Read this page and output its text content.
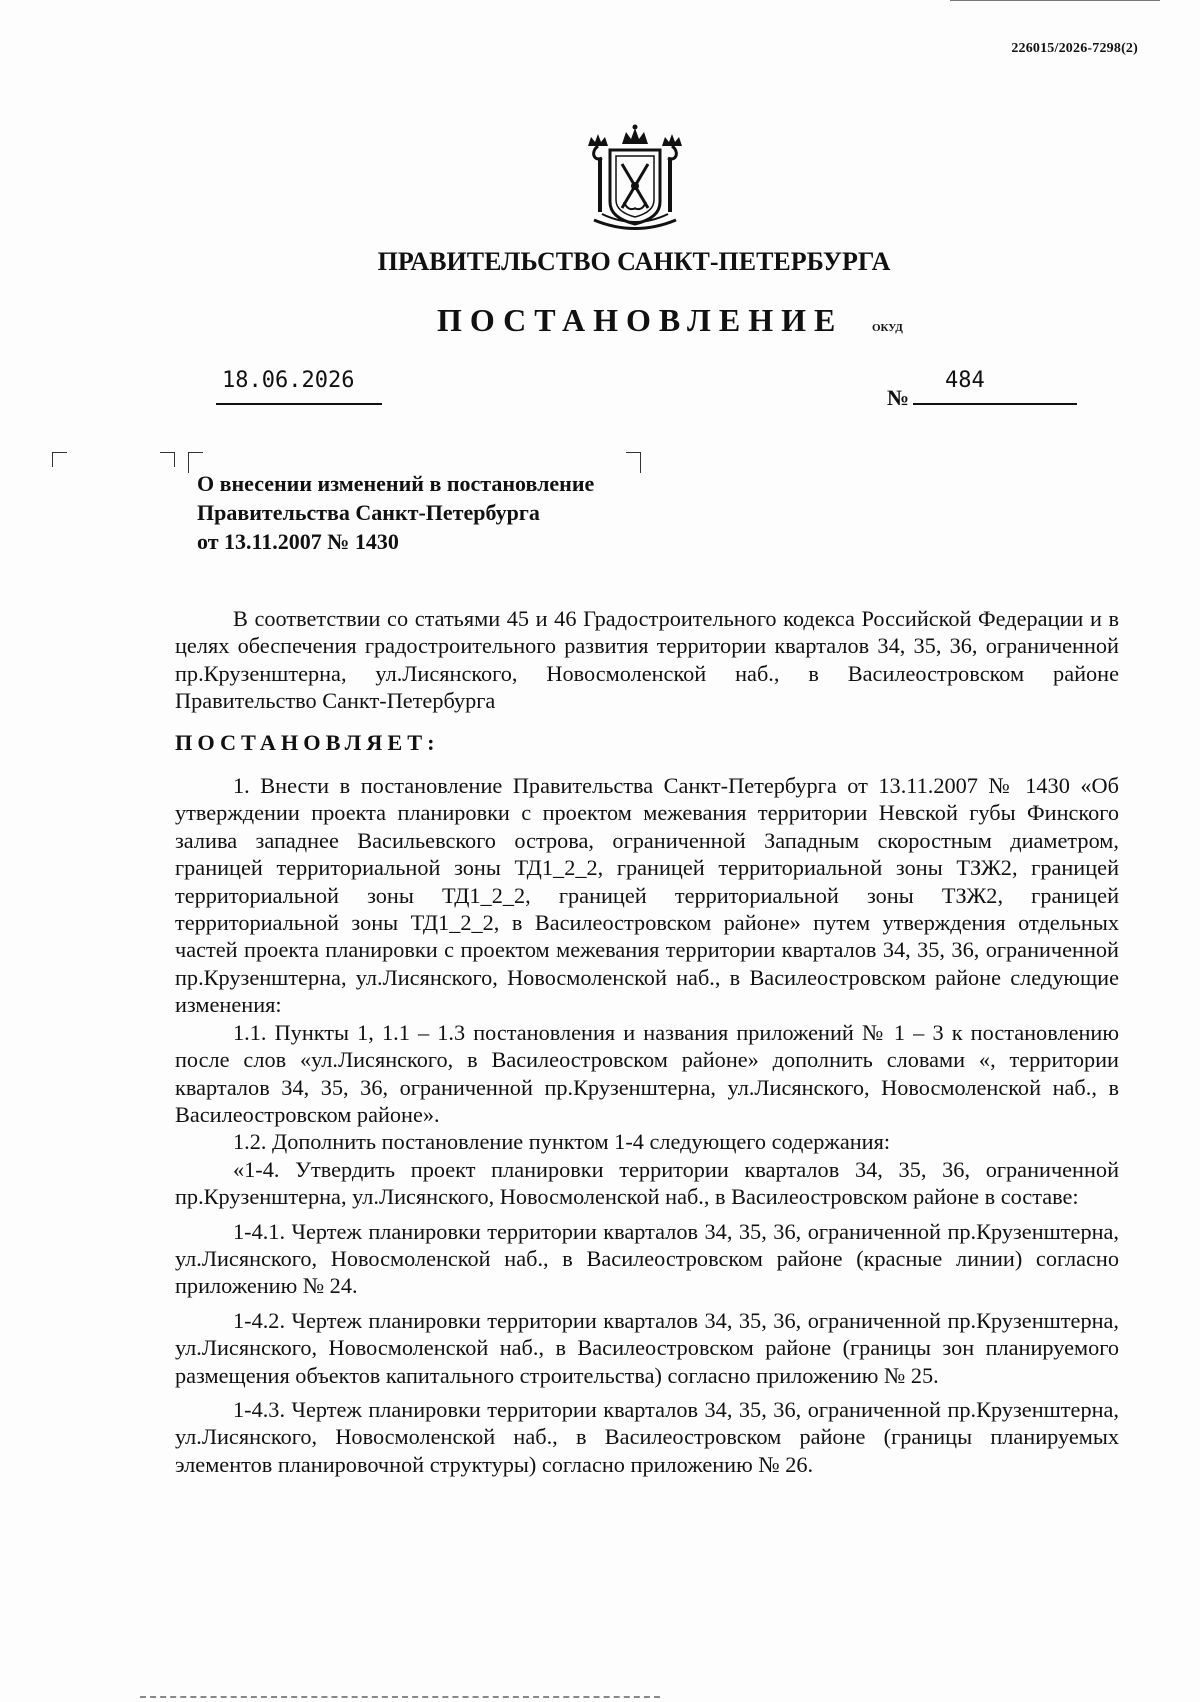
226015/2026-7298(2)
ПРАВИТЕЛЬСТВО САНКТ-ПЕТЕРБУРГА
ПОСТАНОВЛЕНИЕ	ОКУД
18.06.2026
№
484
О внесении изменений в постановление
Правительства Санкт-Петербурга
от 13.11.2007 № 1430

В соответствии со статьями 45 и 46 Градостроительного кодекса Российской Федерации и в целях обеспечения градостроительного развития территории кварталов 34, 35, 36, ограниченной пр.Крузенштерна, ул.Лисянского, Новосмоленской наб., в Василеостровском районе Правительство Санкт-Петербурга

ПОСТАНОВЛЯЕТ:

1. Внести в постановление Правительства Санкт-Петербурга от 13.11.2007 № 1430 «Об утверждении проекта планировки с проектом межевания территории Невской губы Финского залива западнее Васильевского острова, ограниченной Западным скоростным диаметром, границей территориальной зоны ТД1_2_2, границей территориальной зоны ТЗЖ2, границей территориальной зоны ТД1_2_2, границей территориальной зоны ТЗЖ2, границей территориальной зоны ТД1_2_2, в Василеостровском районе» путем утверждения отдельных частей проекта планировки с проектом межевания территории кварталов 34, 35, 36, ограниченной пр.Крузенштерна, ул.Лисянского, Новосмоленской наб., в Василеостровском районе следующие изменения:

1.1. Пункты 1, 1.1 – 1.3 постановления и названия приложений № 1 – 3 к постановлению после слов «ул.Лисянского, в Василеостровском районе» дополнить словами «, территории кварталов 34, 35, 36, ограниченной пр.Крузенштерна, ул.Лисянского, Новосмоленской наб., в Василеостровском районе».

1.2. Дополнить постановление пунктом 1-4 следующего содержания:

«1-4. Утвердить проект планировки территории кварталов 34, 35, 36, ограниченной пр.Крузенштерна, ул.Лисянского, Новосмоленской наб., в Василеостровском районе в составе:

1-4.1. Чертеж планировки территории кварталов 34, 35, 36, ограниченной пр.Крузенштерна, ул.Лисянского, Новосмоленской наб., в Василеостровском районе (красные линии) согласно приложению № 24.

1-4.2. Чертеж планировки территории кварталов 34, 35, 36, ограниченной пр.Крузенштерна, ул.Лисянского, Новосмоленской наб., в Василеостровском районе (границы зон планируемого размещения объектов капитального строительства) согласно приложению № 25.

1-4.3. Чертеж планировки территории кварталов 34, 35, 36, ограниченной пр.Крузенштерна, ул.Лисянского, Новосмоленской наб., в Василеостровском районе (границы планируемых элементов планировочной структуры) согласно приложению № 26.
